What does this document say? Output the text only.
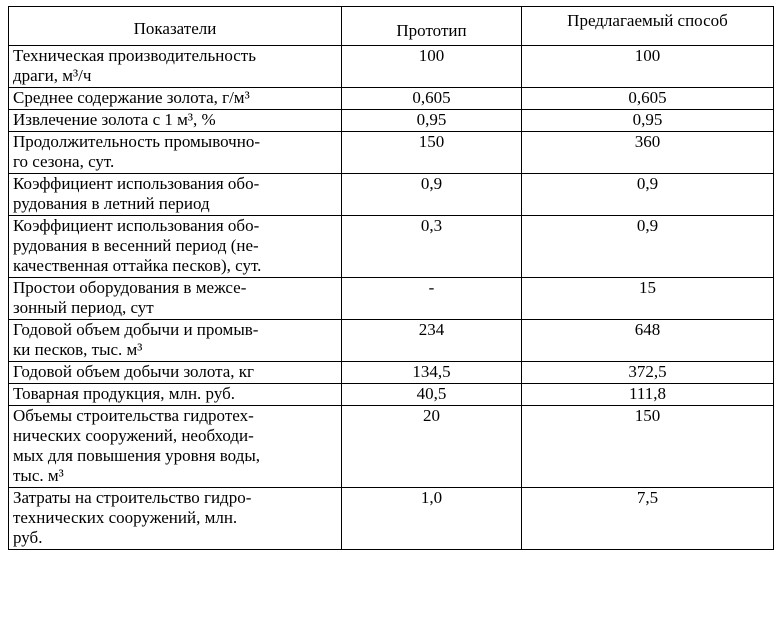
Показатели	Прототип	Предлагаемый способ

Техническая производительность
драги, м³/ч	100	100

Среднее содержание золота, г/м³	0,605	0,605

Извлечение золота с 1 м³, %	0,95	0,95

Продолжительность промывочно-
го сезона, сут.	150	360

Коэффициент использования обо-
рудования в летний период	0,9	0,9

Коэффициент использования обо-
рудования в весенний период (не-
качественная оттайка песков), сут.	0,3	0,9

Простои оборудования в межсе-
зонный период, сут	-	15

Годовой объем добычи и промыв-
ки песков, тыс. м³	234	648

Годовой объем добычи золота, кг	134,5	372,5

Товарная продукция, млн. руб.	40,5	111,8

Объемы строительства гидротех-
нических сооружений, необходи-
мых для повышения уровня воды,
тыс. м³	20	150

Затраты на строительство гидро-
технических сооружений, млн.
руб.	1,0	7,5
